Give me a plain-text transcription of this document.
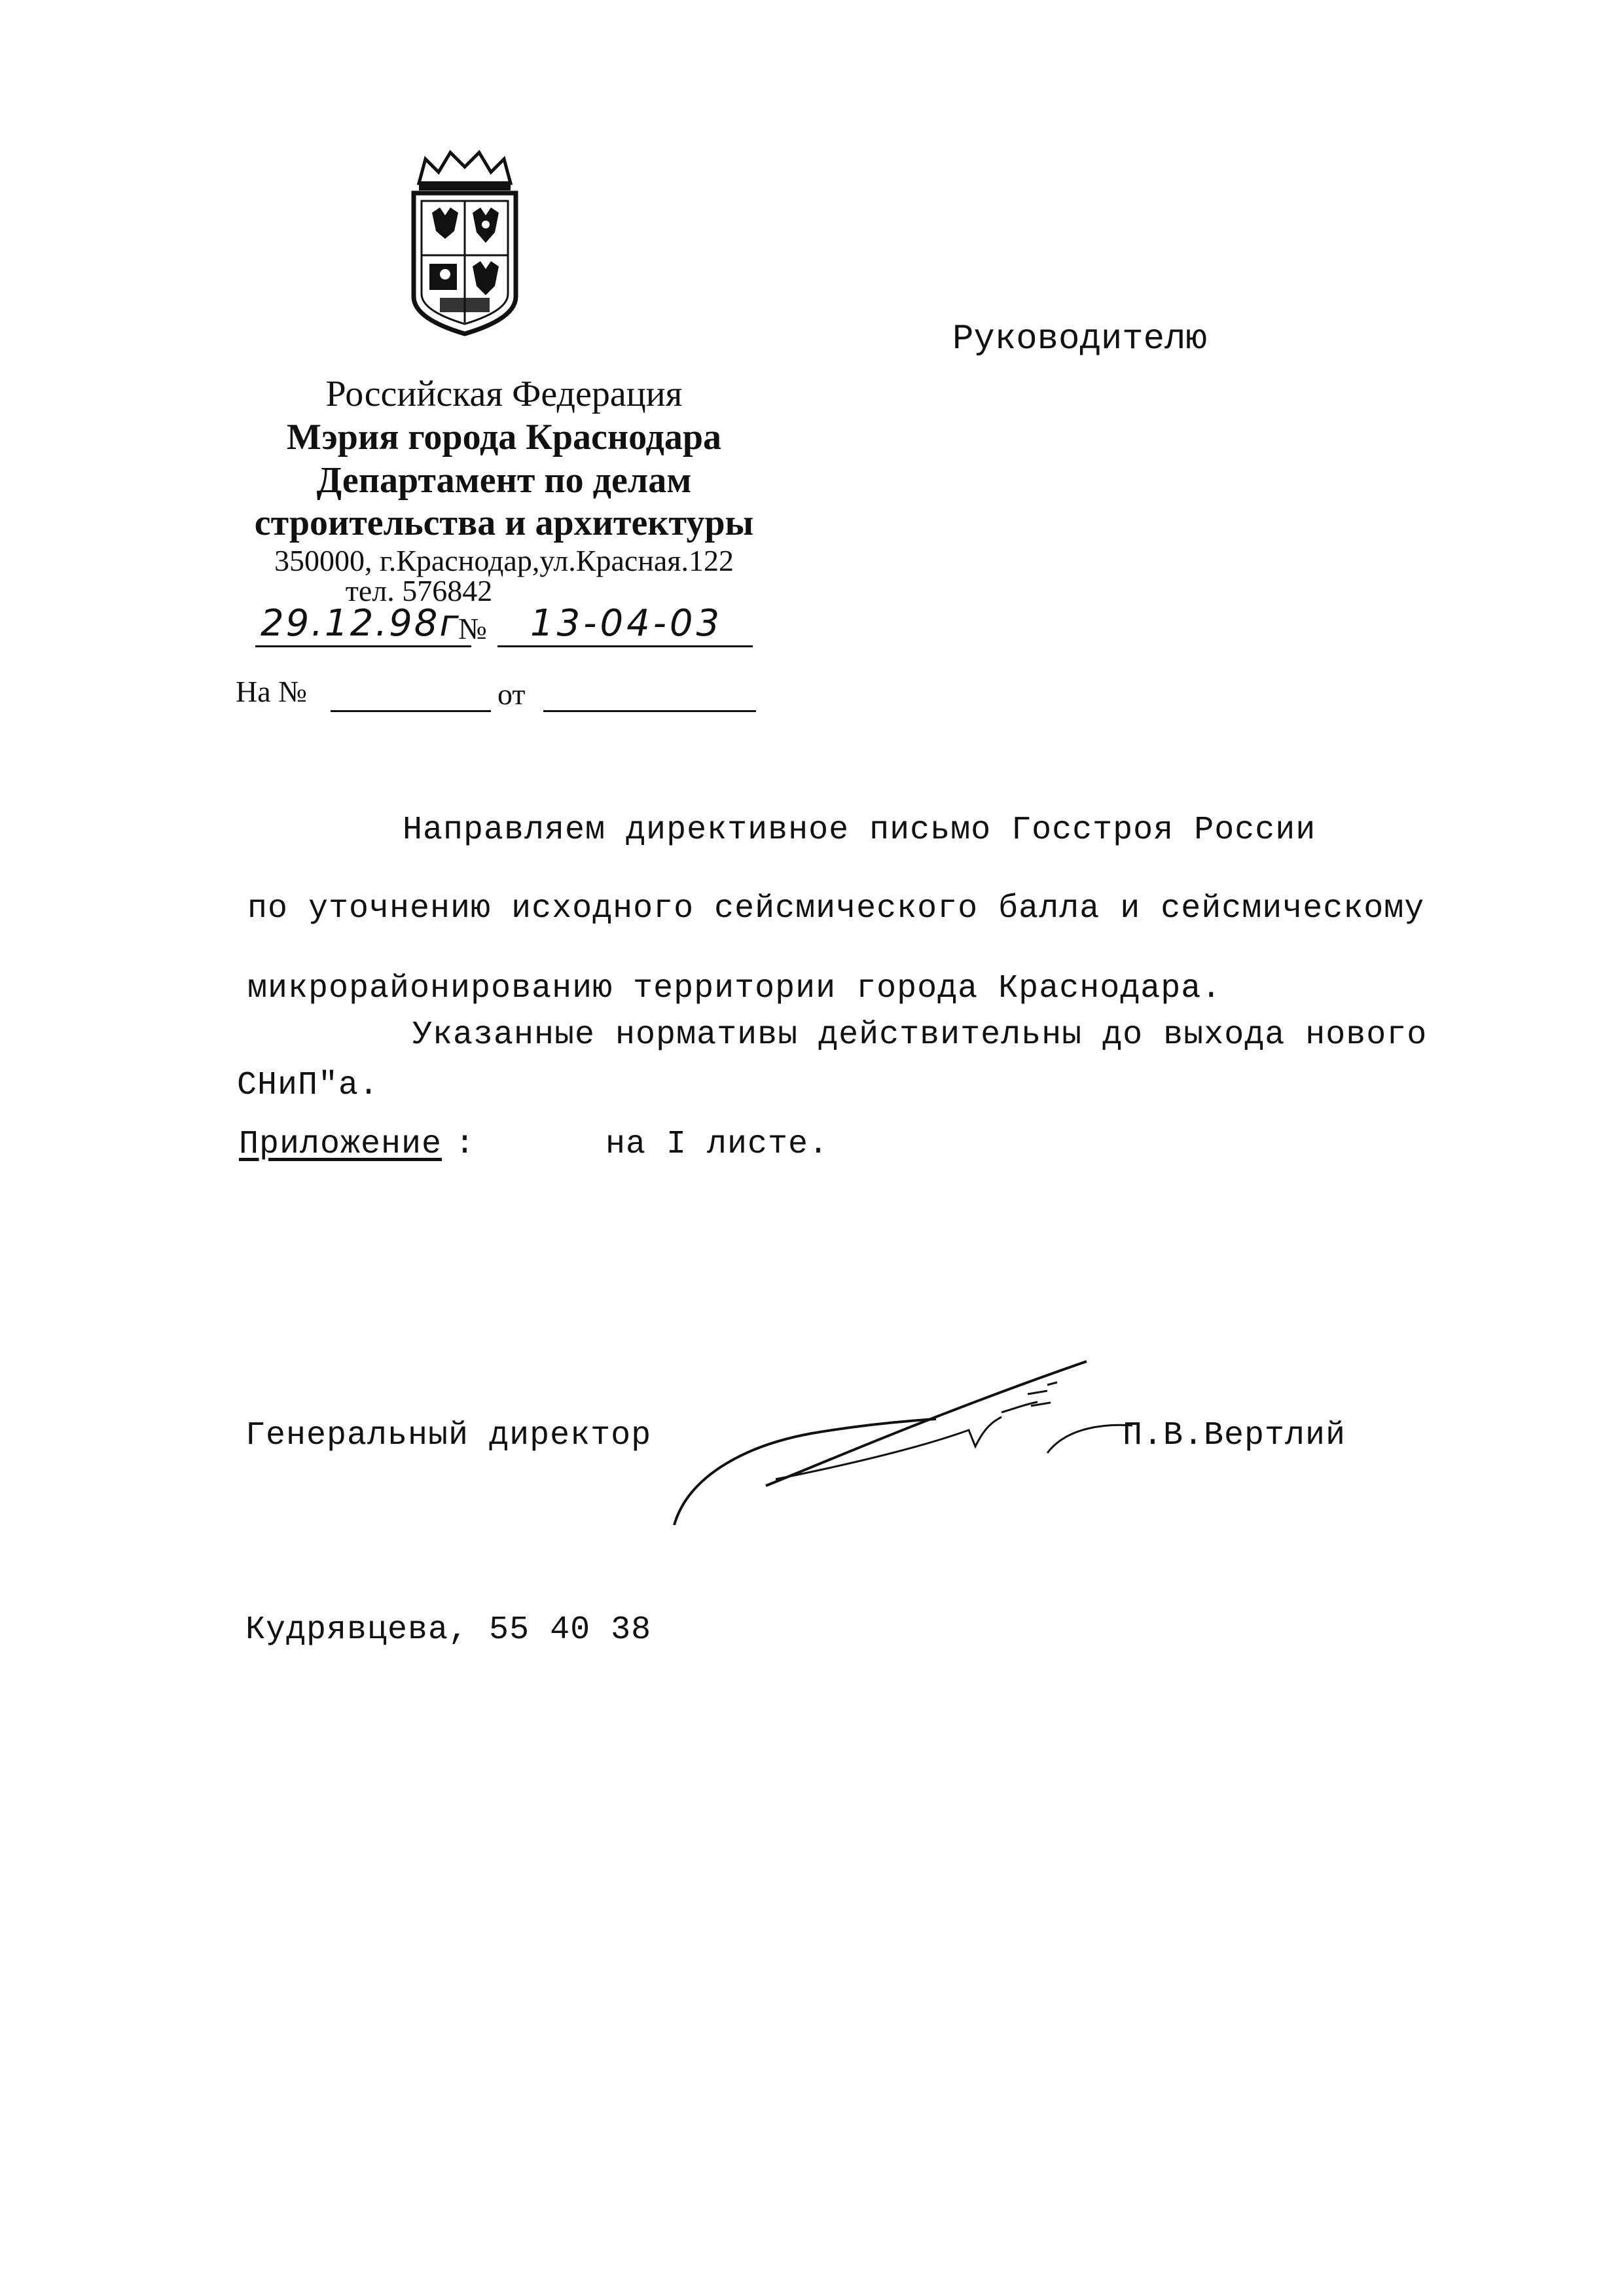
Российская Федерация
Мэрия города Краснодара
Департамент по делам
строительства и архитектуры
350000, г.Краснодар,ул.Красная.122
тел. 576842
29.12.98г
№ 13-04-03
Руководителю
На №	от
Направляем директивное письмо Госстроя России
по уточнению исходного сейсмического балла и сейсмическому
микрорайонированию территории города Краснодара.
Указанные нормативы действительны до выхода нового
СНиП"а.
Приложение :	на I листе.
Генеральный директор	П.В.Вертлий
Кудрявцева, 55 40 38
